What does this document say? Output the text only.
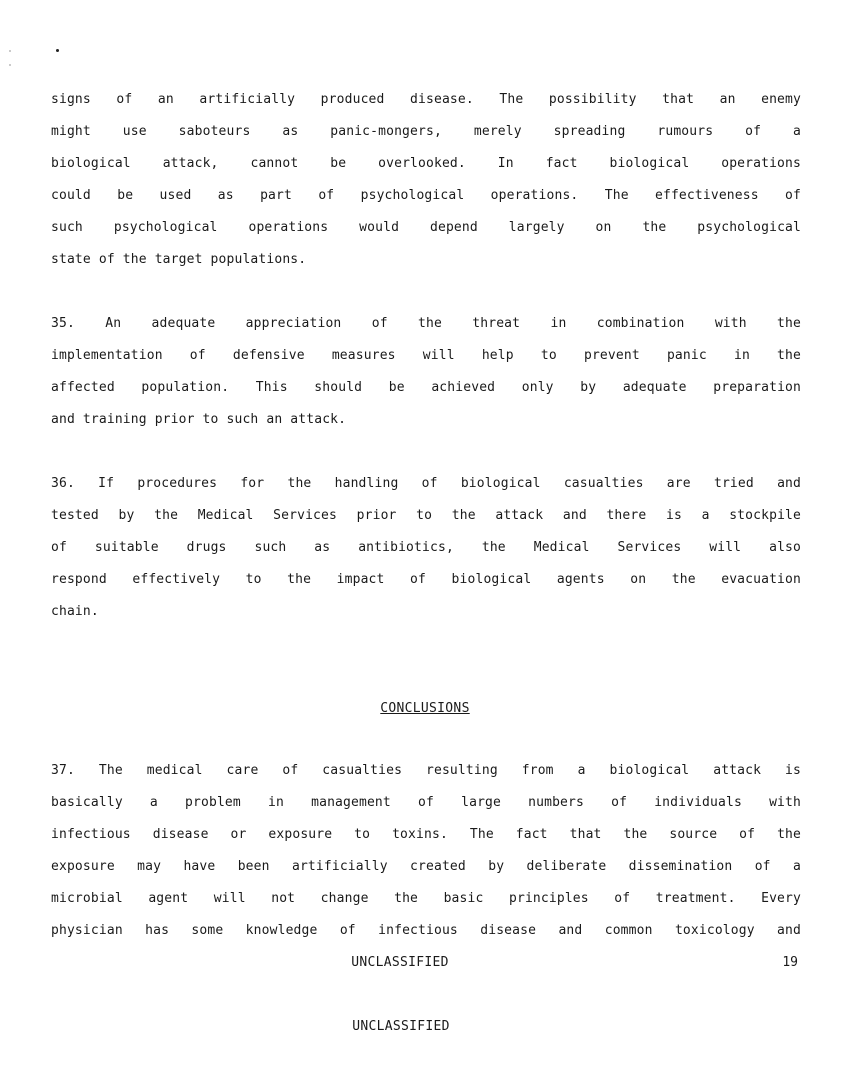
signs of an artificially produced disease. The possibility that an enemy
might use saboteurs as panic-mongers, merely spreading rumours of a
biological attack, cannot be overlooked. In fact biological operations
could be used as part of psychological operations. The effectiveness of
such psychological operations would depend largely on the psychological
state of the target populations.
35. An adequate appreciation of the threat in combination with the
implementation of defensive measures will help to prevent panic in the
affected population. This should be achieved only by adequate preparation
and training prior to such an attack.
36. If procedures for the handling of biological casualties are tried and
tested by the Medical Services prior to the attack and there is a stockpile
of suitable drugs such as antibiotics, the Medical Services will also
respond effectively to the impact of biological agents on the evacuation
chain.
CONCLUSIONS
37. The medical care of casualties resulting from a biological attack is
basically a problem in management of large numbers of individuals with
infectious disease or exposure to toxins. The fact that the source of the
exposure may have been artificially created by deliberate dissemination of a
microbial agent will not change the basic principles of treatment. Every
physician has some knowledge of infectious disease and common toxicology and
UNCLASSIFIED	19
UNCLASSIFIED
